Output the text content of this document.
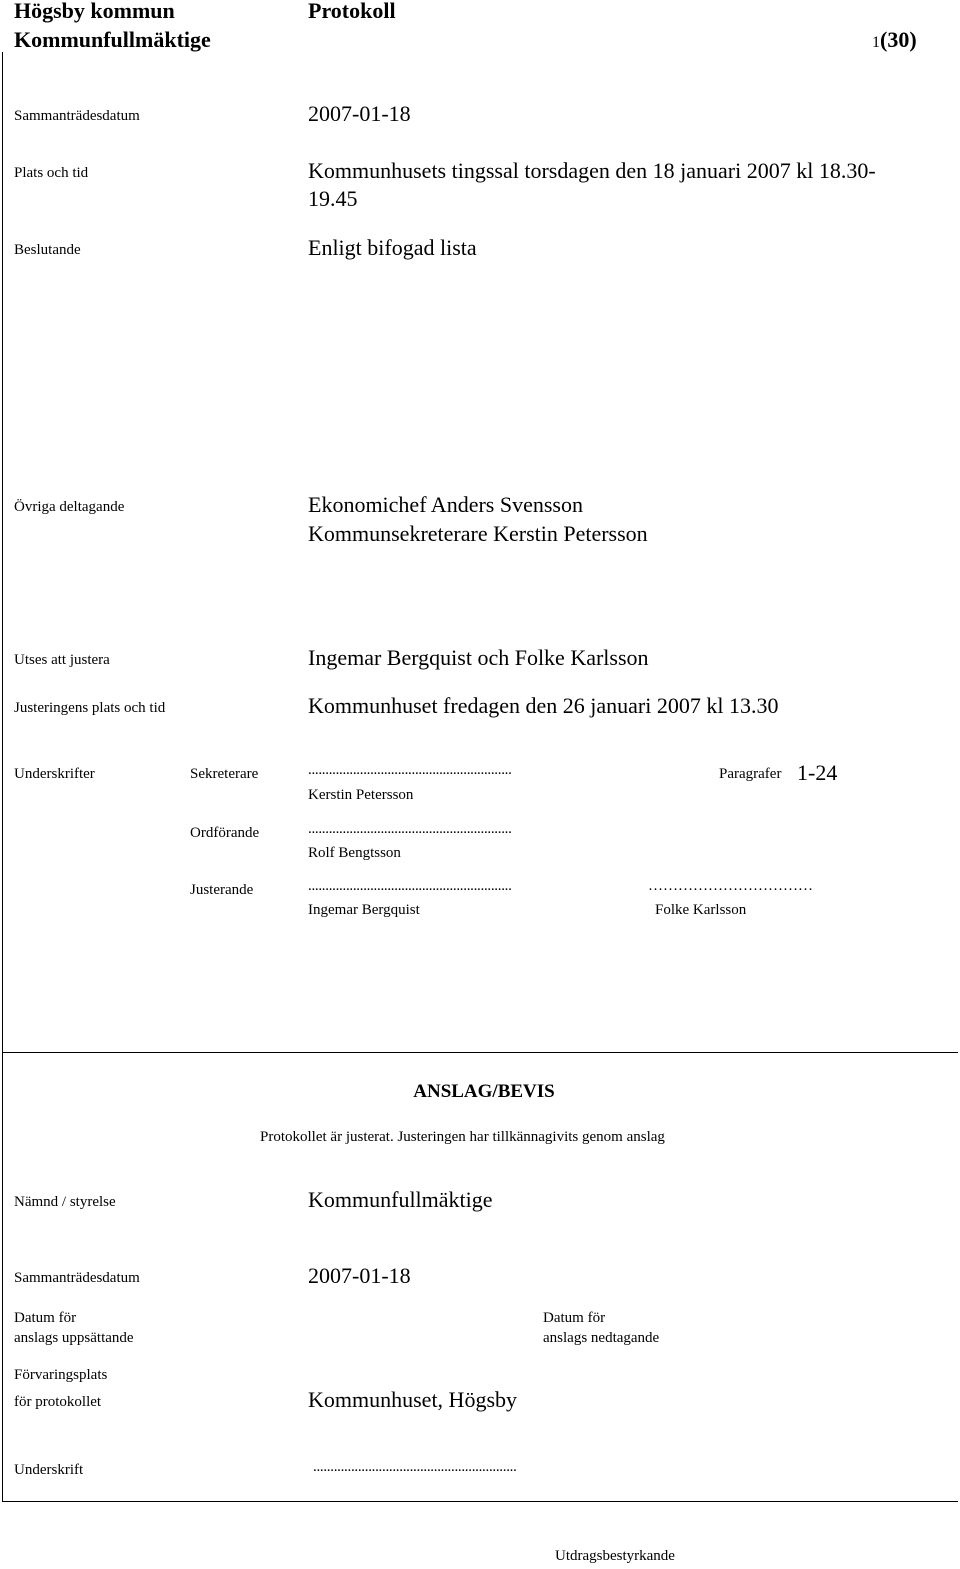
Högsby kommun	Protokoll
Kommunfullmäktige	1(30)
Sammanträdesdatum	2007-01-18
Plats och tid	Kommunhusets tingssal torsdagen den 18 januari 2007 kl 18.30-
19.45
Beslutande	Enligt bifogad lista
Övriga deltagande	Ekonomichef Anders Svensson
Kommunsekreterare Kerstin Petersson
Utses att justera	Ingemar Bergquist och Folke Karlsson
Justeringens plats och tid	Kommunhuset fredagen den 26 januari 2007 kl 13.30
Underskrifter	Sekreterare	...........................................................
Kerstin Petersson
Paragrafer 1-24
Ordförande	...........................................................
Rolf Bengtsson
Justerande	...........................................................	……………………………
Ingemar Bergquist	Folke Karlsson
ANSLAG/BEVIS
Protokollet är justerat. Justeringen har tillkännagivits genom anslag
Nämnd / styrelse	Kommunfullmäktige
Sammanträdesdatum	2007-01-18
Datum för
anslags uppsättande
Datum för
anslags nedtagande
Förvaringsplats
för protokollet	Kommunhuset, Högsby
Underskrift	...........................................................
Utdragsbestyrkande
